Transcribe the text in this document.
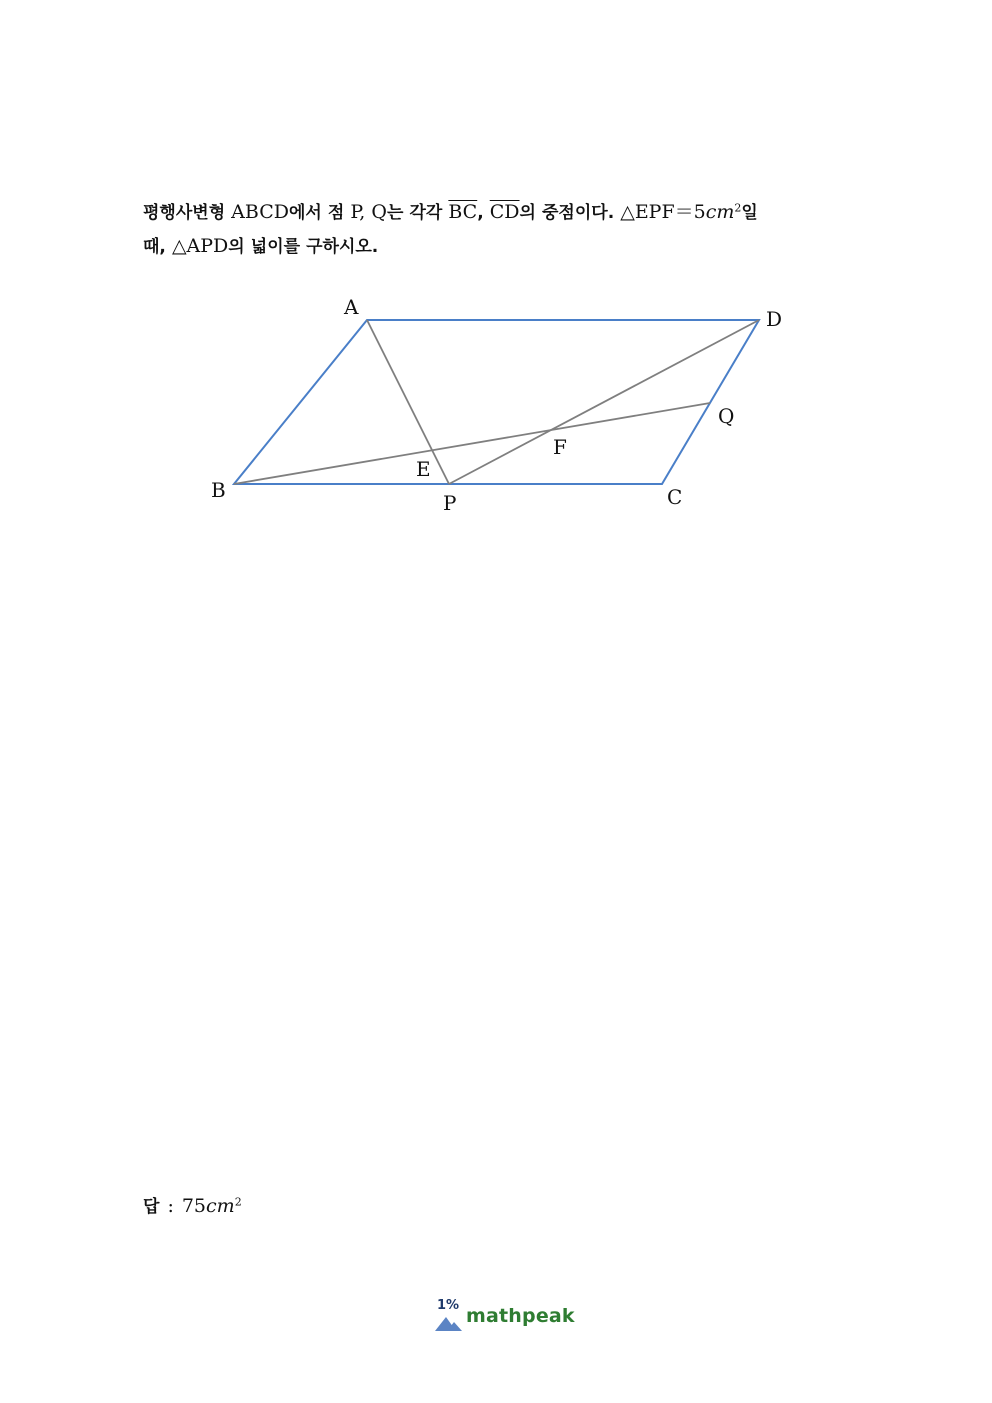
평행사변형 ABCD에서 점 P, Q는 각각 $\overline{BC}$, $\overline{CD}$의 중점이다. $\triangle EPF=5cm^2$일
때, △APD의 넓이를 구하시오.
A	D
Q
F
E
B
P	C
답 : $75cm^2$
1% mathpeak
